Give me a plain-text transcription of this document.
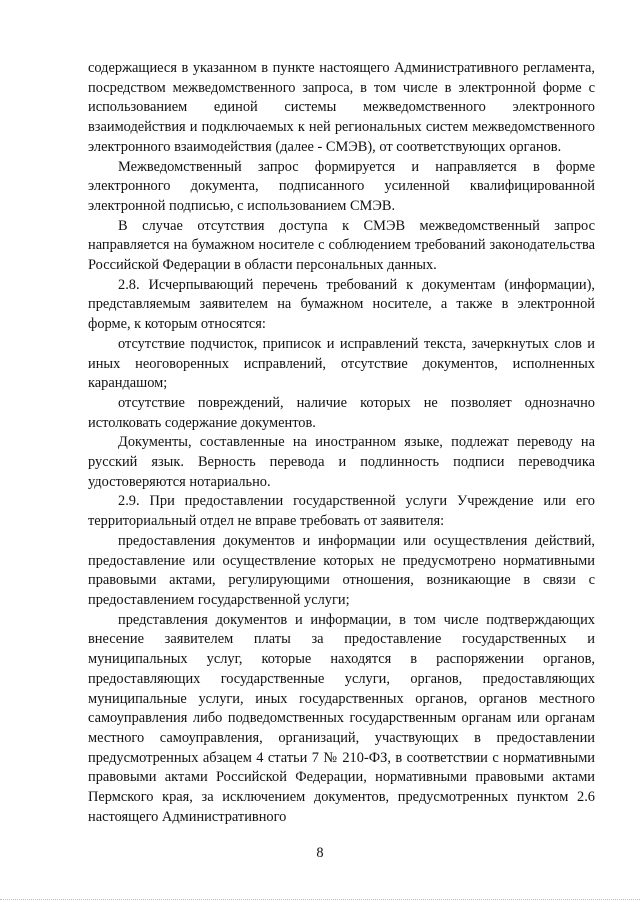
содержащиеся в указанном в пункте настоящего Административного регламента, посредством межведомственного запроса, в том числе в электронной форме с использованием единой системы межведомственного электронного взаимодействия и подключаемых к ней региональных систем межведомственного электронного взаимодействия (далее - СМЭВ), от соответствующих органов.

Межведомственный запрос формируется и направляется в форме электронного документа, подписанного усиленной квалифицированной электронной подписью, с использованием СМЭВ.

В случае отсутствия доступа к СМЭВ межведомственный запрос направляется на бумажном носителе с соблюдением требований законодательства Российской Федерации в области персональных данных.

2.8. Исчерпывающий перечень требований к документам (информации), представляемым заявителем на бумажном носителе, а также в электронной форме, к которым относятся:

отсутствие подчисток, приписок и исправлений текста, зачеркнутых слов и иных неоговоренных исправлений, отсутствие документов, исполненных карандашом;

отсутствие повреждений, наличие которых не позволяет однозначно истолковать содержание документов.

Документы, составленные на иностранном языке, подлежат переводу на русский язык. Верность перевода и подлинность подписи переводчика удостоверяются нотариально.

2.9. При предоставлении государственной услуги Учреждение или его территориальный отдел не вправе требовать от заявителя:

предоставления документов и информации или осуществления действий, предоставление или осуществление которых не предусмотрено нормативными правовыми актами, регулирующими отношения, возникающие в связи с предоставлением государственной услуги;

представления документов и информации, в том числе подтверждающих внесение заявителем платы за предоставление государственных и муниципальных услуг, которые находятся в распоряжении органов, предоставляющих государственные услуги, органов, предоставляющих муниципальные услуги, иных государственных органов, органов местного самоуправления либо подведомственных государственным органам или органам местного самоуправления, организаций, участвующих в предоставлении предусмотренных абзацем 4 статьи 7 № 210-ФЗ, в соответствии с нормативными правовыми актами Российской Федерации, нормативными правовыми актами Пермского края, за исключением документов, предусмотренных пунктом 2.6 настоящего Административного

8
